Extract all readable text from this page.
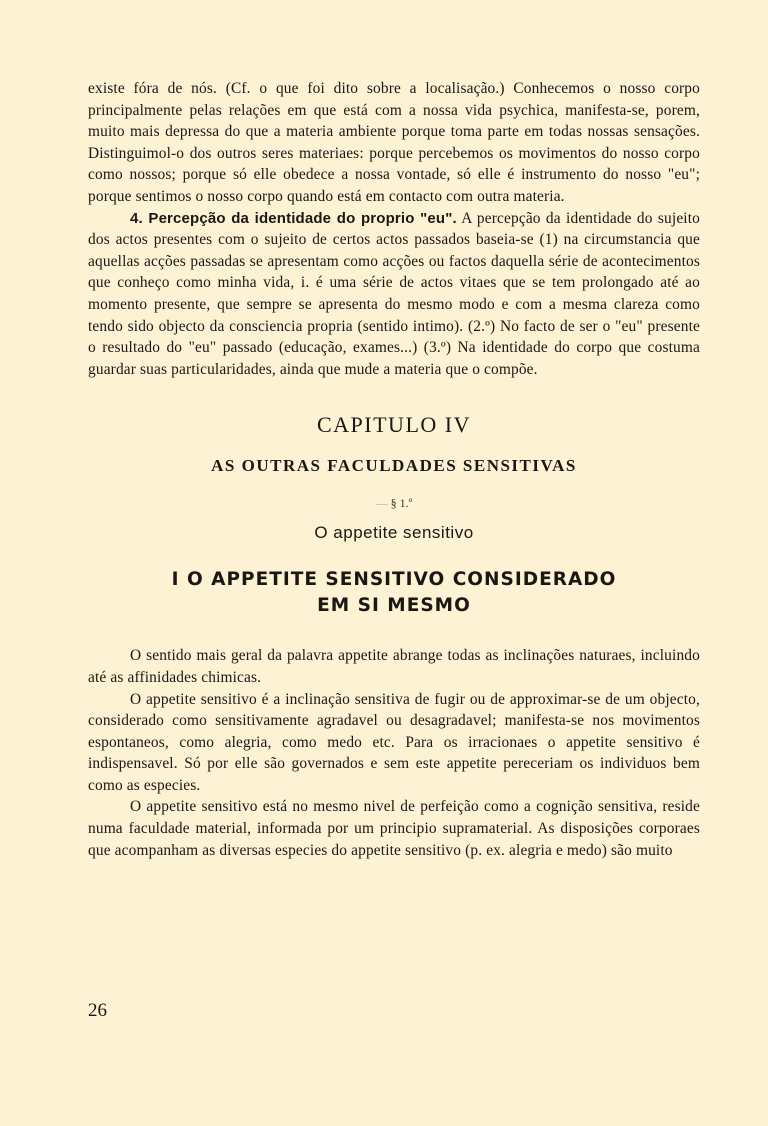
existe fóra de nós. (Cf. o que foi dito sobre a localisação.) Conhecemos o nosso corpo principalmente pelas relações em que está com a nossa vida psychica, manifesta-se, porem, muito mais depressa do que a materia ambiente porque toma parte em todas nossas sensações. Distinguimol-o dos outros seres materiaes: porque percebemos os movimentos do nosso corpo como nossos; porque só elle obedece a nossa vontade, só elle é instrumento do nosso "eu"; porque sentimos o nosso corpo quando está em contacto com outra materia.

4. Percepção da identidade do proprio "eu". A percepção da identidade do sujeito dos actos presentes com o sujeito de certos actos passados baseia-se (1) na circumstancia que aquellas acções passadas se apresentam como acções ou factos daquella série de acontecimentos que conheço como minha vida, i. é uma série de actos vitaes que se tem prolongado até ao momento presente, que sempre se apresenta do mesmo modo e com a mesma clareza como tendo sido objecto da consciencia propria (sentido intimo). (2.º) No facto de ser o "eu" presente o resultado do "eu" passado (educação, exames...) (3.º) Na identidade do corpo que costuma guardar suas particularidades, ainda que mude a materia que o compõe.

CAPITULO IV
AS OUTRAS FACULDADES SENSITIVAS
— § 1.º
O appetite sensitivo
I O APPETITE SENSITIVO CONSIDERADO
EM SI MESMO

O sentido mais geral da palavra appetite abrange todas as inclinações naturaes, incluindo até as affinidades chimicas.

O appetite sensitivo é a inclinação sensitiva de fugir ou de approximar-se de um objecto, considerado como sensitivamente agradavel ou desagradavel; manifesta-se nos movimentos espontaneos, como alegria, como medo etc. Para os irracionaes o appetite sensitivo é indispensavel. Só por elle são governados e sem este appetite pereceriam os individuos bem como as especies.

O appetite sensitivo está no mesmo nivel de perfeição como a cognição sensitiva, reside numa faculdade material, informada por um principio supramaterial. As disposições corporaes que acompanham as diversas especies do appetite sensitivo (p. ex. alegria e medo) são muito

26
